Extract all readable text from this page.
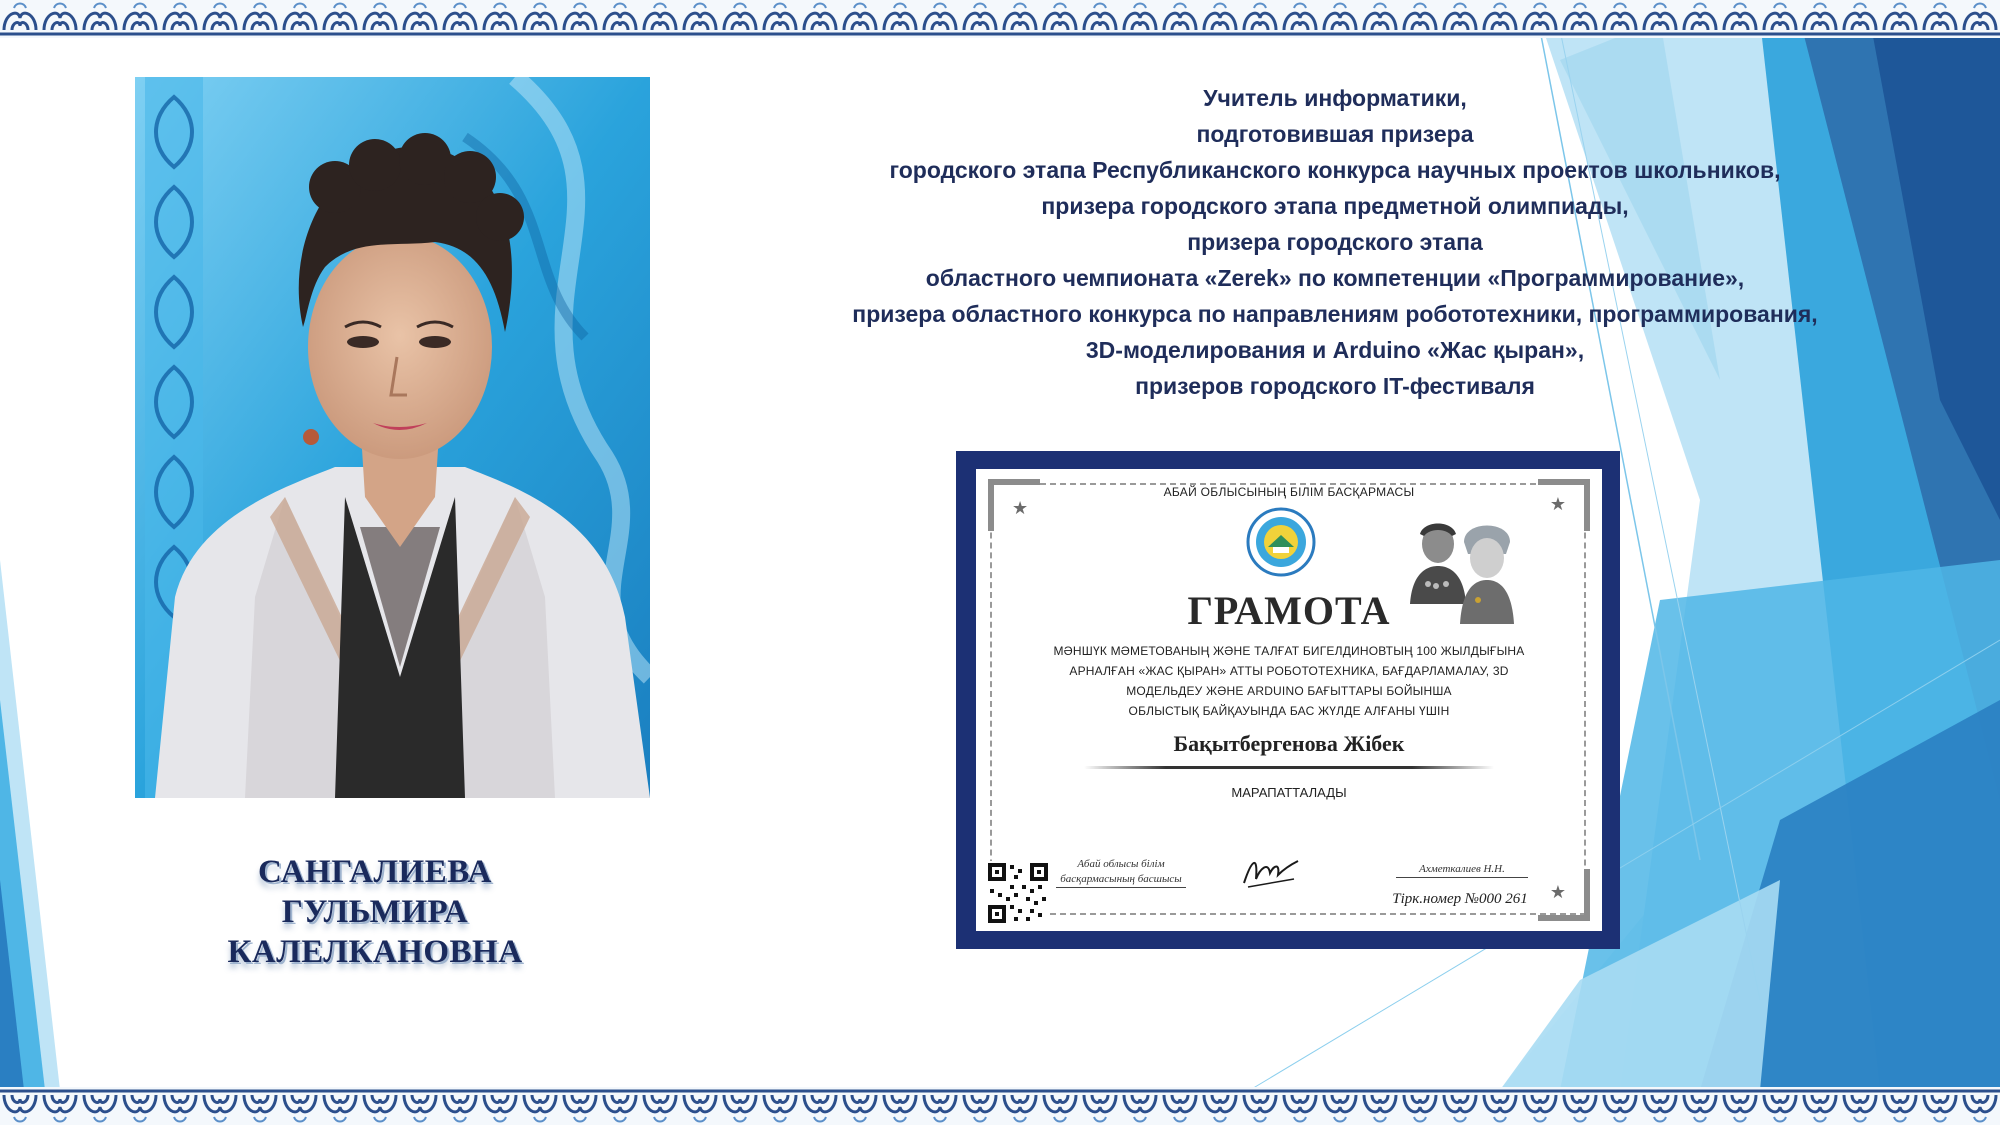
САНГАЛИЕВА
ГУЛЬМИРА
КАЛЕЛКАНОВНА
Учитель информатики,
подготовившая призера
городского этапа Республиканского конкурса научных проектов школьников,
призера городского этапа предметной олимпиады,
призера городского этапа
областного чемпионата «Zerek» по компетенции «Программирование»,
призера областного конкурса по направлениям робототехники, программирования,
3D-моделирования и Arduino «Жас қыран»,
призеров городского IT-фестиваля
★	★
★
АБАЙ ОБЛЫСЫНЫҢ БІЛІМ БАСҚАРМАСЫ
ГРАМОТА
МӘНШҮК МӘМЕТОВАНЫҢ ЖӘНЕ ТАЛҒАТ БИГЕЛДИНОВТЫҢ 100 ЖЫЛДЫҒЫНА
АРНАЛҒАН «ЖАС ҚЫРАН» АТТЫ РОБОТОТЕХНИКА, БАҒДАРЛАМАЛАУ, 3D
МОДЕЛЬДЕУ ЖӘНЕ ARDUINO БАҒЫТТАРЫ БОЙЫНША
ОБЛЫСТЫҚ БАЙҚАУЫНДА БАС ЖҮЛДЕ АЛҒАНЫ ҮШІН
Бақытбергенова Жібек
МАРАПАТТАЛАДЫ
Абай облысы білім
басқармасының басшысы
Ахметкалиев Н.Н.
Тірк.номер №000 261
